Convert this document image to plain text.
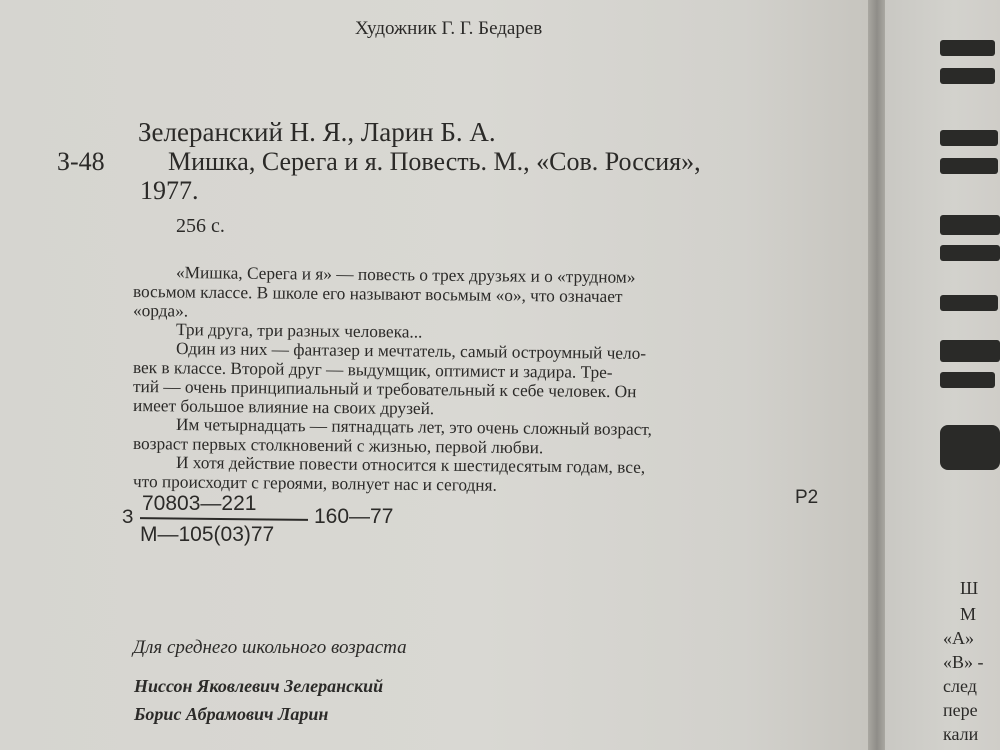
Художник Г. Г. Бедарев
Зелеранский Н. Я., Ларин Б. А.
З-48 Мишка, Серега и я. Повесть. М., «Сов. Россия»,
1977.
256 с.
«Мишка, Серега и я» — повесть о трех друзьях и о «трудном»
восьмом классе. В школе его называют восьмым «о», что означает
«орда».
Три друга, три разных человека...
Один из них — фантазер и мечтатель, самый остроумный чело-
век в классе. Второй друг — выдумщик, оптимист и задира. Тре-
тий — очень принципиальный и требовательный к себе человек. Он
имеет большое влияние на своих друзей.
Им четырнадцать — пятнадцать лет, это очень сложный возраст,
возраст первых столкновений с жизнью, первой любви.
И хотя действие повести относится к шестидесятым годам, все,
что происходит с героями, волнует нас и сегодня.
З
70803—221
М—105(03)77
160—77
Р2
Для среднего школьного возраста
Ниссон Яковлевич Зелеранский
Борис Абрамович Ларин
Ш
М
«А»
«В» -
след
пере
кали
